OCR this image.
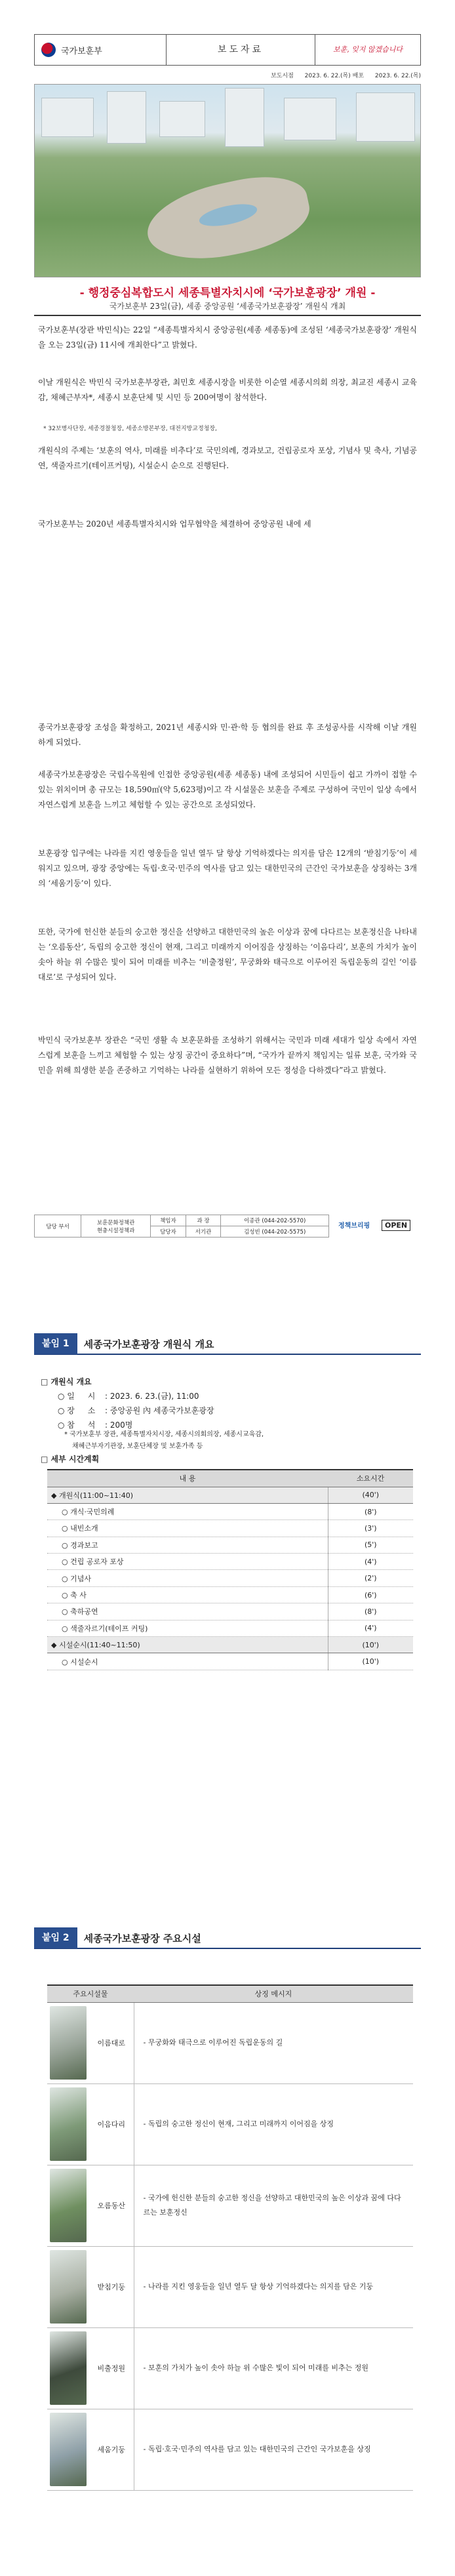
국가보훈부	보도자료	보훈, 잊지 않겠습니다
보도시점 2023. 6. 22.(목) 배포 2023. 6. 22.(목)
- 행정중심복합도시 세종특별자치시에 ‘국가보훈광장’ 개원 -
국가보훈부 23일(금), 세종 중앙공원 ‘세종국가보훈광장’ 개원식 개최

국가보훈부(장관 박민식)는 22일 “세종특별자치시 중앙공원(세종 세종동)에 조성된 ‘세종국가보훈광장’ 개원식을 오는 23일(금) 11시에 개최한다”고 밝혔다.

이날 개원식은 박민식 국가보훈부장관, 최민호 세종시장을 비롯한 이순열 세종시의회 의장, 최교진 세종시 교육감, 채혜근부자*, 세종시 보훈단체 및 시민 등 200여명이 참석한다.

* 32보병사단장, 세종경찰청장, 세종소방본부장, 대전지방교정청장,

개원식의 주제는 ‘보훈의 역사, 미래를 비추다’로 국민의례, 경과보고, 건립공로자 포상, 기념사 및 축사, 기념공연, 색줄자르기(테이프커팅), 시설순시 순으로 진행된다.

국가보훈부는 2020년 세종특별자치시와 업무협약을 체결하여 중앙공원 내에 세

종국가보훈광장 조성을 확정하고, 2021년 세종시와 민·관·학 등 협의를 완료 후 조성공사를 시작해 이날 개원하게 되었다.

세종국가보훈광장은 국립수목원에 인접한 중앙공원(세종 세종동) 내에 조성되어 시민들이 쉽고 가까이 접할 수 있는 위치이며 총 규모는 18,590㎡(약 5,623평)이고 각 시설물은 보훈을 주제로 구성하여 국민이 일상 속에서 자연스럽게 보훈을 느끼고 체험할 수 있는 공간으로 조성되었다.

보훈광장 입구에는 나라를 지킨 영웅들을 일년 열두 달 항상 기억하겠다는 의지를 담은 12개의 ‘받침기둥’이 세워지고 있으며, 광장 중앙에는 독립·호국·민주의 역사를 담고 있는 대한민국의 근간인 국가보훈을 상징하는 3개의 ‘세움기둥’이 있다.

또한, 국가에 헌신한 분들의 숭고한 정신을 선양하고 대한민국의 높은 이상과 꿈에 다다르는 보훈정신을 나타내는 ‘오름동산’, 독립의 숭고한 정신이 현재, 그리고 미래까지 이어짐을 상징하는 ‘이음다리’, 보훈의 가치가 높이 솟아 하늘 위 수많은 빛이 되어 미래를 비추는 ‘비출정원’, 무궁화와 태극으로 이루어진 독립운동의 길인 ‘이름대로’로 구성되어 있다.

박민식 국가보훈부 장관은 “국민 생활 속 보훈문화를 조성하기 위해서는 국민과 미래 세대가 일상 속에서 자연스럽게 보훈을 느끼고 체험할 수 있는 상징 공간이 중요하다”며, “국가가 끝까지 책임지는 일류 보훈, 국가와 국민을 위해 희생한 분을 존중하고 기억하는 나라를 실현하기 위하여 모든 정성을 다하겠다”라고 밝혔다.

담당 부서	보훈문화정책관
현충시설정책과	책임자	과 장	이종관 (044-202-5570)
		담당자	서기관	김성빈 (044-202-5575)
정책브리핑	OPEN
붙임 1	세종국가보훈광장 개원식 개요
□ 개원식 개요
○ 일 시 : 2023. 6. 23.(금), 11:00
○ 장 소 : 중앙공원 內 세종국가보훈광장
○ 참 석 : 200명
* 국가보훈부 장관, 세종특별자치시장, 세종시의회의장, 세종시교육감,
채혜근부자기관장, 보훈단체장 및 보훈가족 등
내 용	소요시간
◆ 개원식(11:00~11:40)	(40')
○ 개식·국민의례	(8')
○ 내빈소개	(3')
○ 경과보고	(5')
○ 건립 공로자 포상	(4')
○ 기념사	(2')
○ 축 사	(6')
○ 축하공연	(8')
○ 색줄자르기(테이프 커팅)	(4')
◆ 시설순시(11:40~11:50)	(10')
○ 시설순시	(10')
붙임 2	세종국가보훈광장 주요시설
주요시설물		상징 메시지

	이름대로	- 무궁화와 태극으로 이루어진 독립운동의 길

	이음다리	- 독립의 숭고한 정신이 현재, 그리고 미래까지 이어짐을 상징

	오름동산	- 국가에 헌신한 분들의 숭고한 정신을 선양하고 대한민국의 높은 이상과 꿈에 다다르는 보훈정신

	받침기둥	- 나라를 지킨 영웅들을 일년 열두 달 항상 기억하겠다는 의지를 담은 기둥

	비출정원	- 보훈의 가치가 높이 솟아 하늘 위 수많은 빛이 되어 미래를 비추는 정원

	세움기둥	- 독립·호국·민주의 역사를 담고 있는 대한민국의 근간인 국가보훈을 상징
□ 세부 시간계획
